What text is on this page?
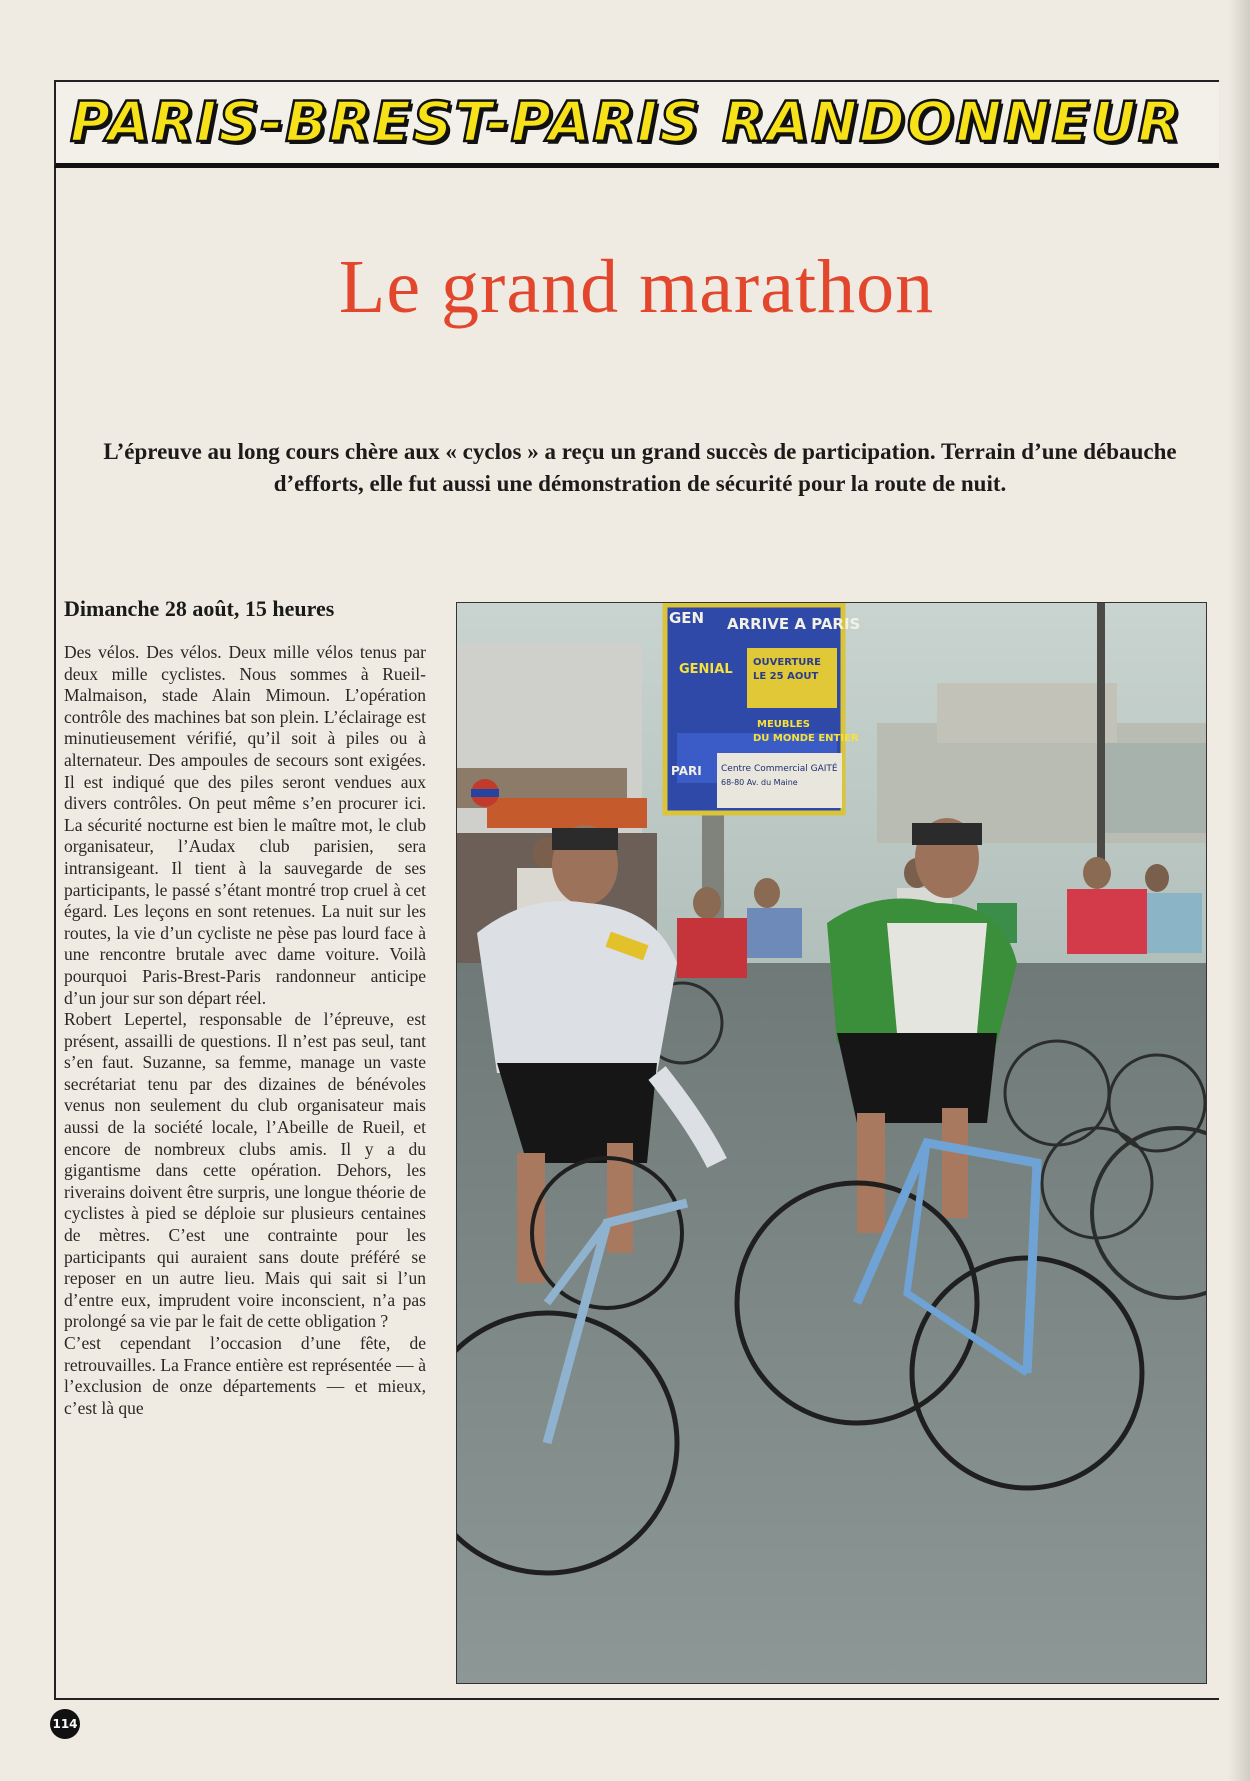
PARIS-BREST-PARIS RANDONNEUR
Le grand marathon
L’épreuve au long cours chère aux « cyclos » a reçu un grand succès de participation. Terrain d’une débauche d’efforts, elle fut aussi une démonstration de sécurité pour la route de nuit.
Dimanche 28 août, 15 heures

Des vélos. Des vélos. Deux mille vélos tenus par deux mille cyclistes. Nous sommes à Rueil-Malmaison, stade Alain Mimoun. L’opération contrôle des machines bat son plein. L’éclairage est minutieusement vérifié, qu’il soit à piles ou à alternateur. Des ampoules de secours sont exigées. Il est indiqué que des piles seront vendues aux divers contrôles. On peut même s’en procurer ici. La sécurité nocturne est bien le maître mot, le club organisateur, l’Audax club parisien, sera intransigeant. Il tient à la sauvegarde de ses participants, le passé s’étant montré trop cruel à cet égard. Les leçons en sont retenues. La nuit sur les routes, la vie d’un cycliste ne pèse pas lourd face à une rencontre brutale avec dame voiture. Voilà pourquoi Paris-Brest-Paris randonneur anticipe d’un jour sur son départ réel.

Robert Lepertel, responsable de l’épreuve, est présent, assailli de questions. Il n’est pas seul, tant s’en faut. Suzanne, sa femme, manage un vaste secrétariat tenu par des dizaines de bénévoles venus non seulement du club organisateur mais aussi de la société locale, l’Abeille de Rueil, et encore de nombreux clubs amis. Il y a du gigantisme dans cette opération. Dehors, les riverains doivent être surpris, une longue théorie de cyclistes à pied se déploie sur plusieurs centaines de mètres. C’est une contrainte pour les participants qui auraient sans doute préféré se reposer en un autre lieu. Mais qui sait si l’un d’entre eux, imprudent voire inconscient, n’a pas prolongé sa vie par le fait de cette obligation ?

C’est cependant l’occasion d’une fête, de retrouvailles. La France entière est représentée — à l’exclusion de onze départements — et mieux, c’est là que

GEN ARRIVE A PARIS
GENIAL OUVERTURE
LE 25 AOUT
MEUBLES
DU MONDE ENTIER
PARI Centre Commercial GAITÉ
68-80 Av. du Maine
114
